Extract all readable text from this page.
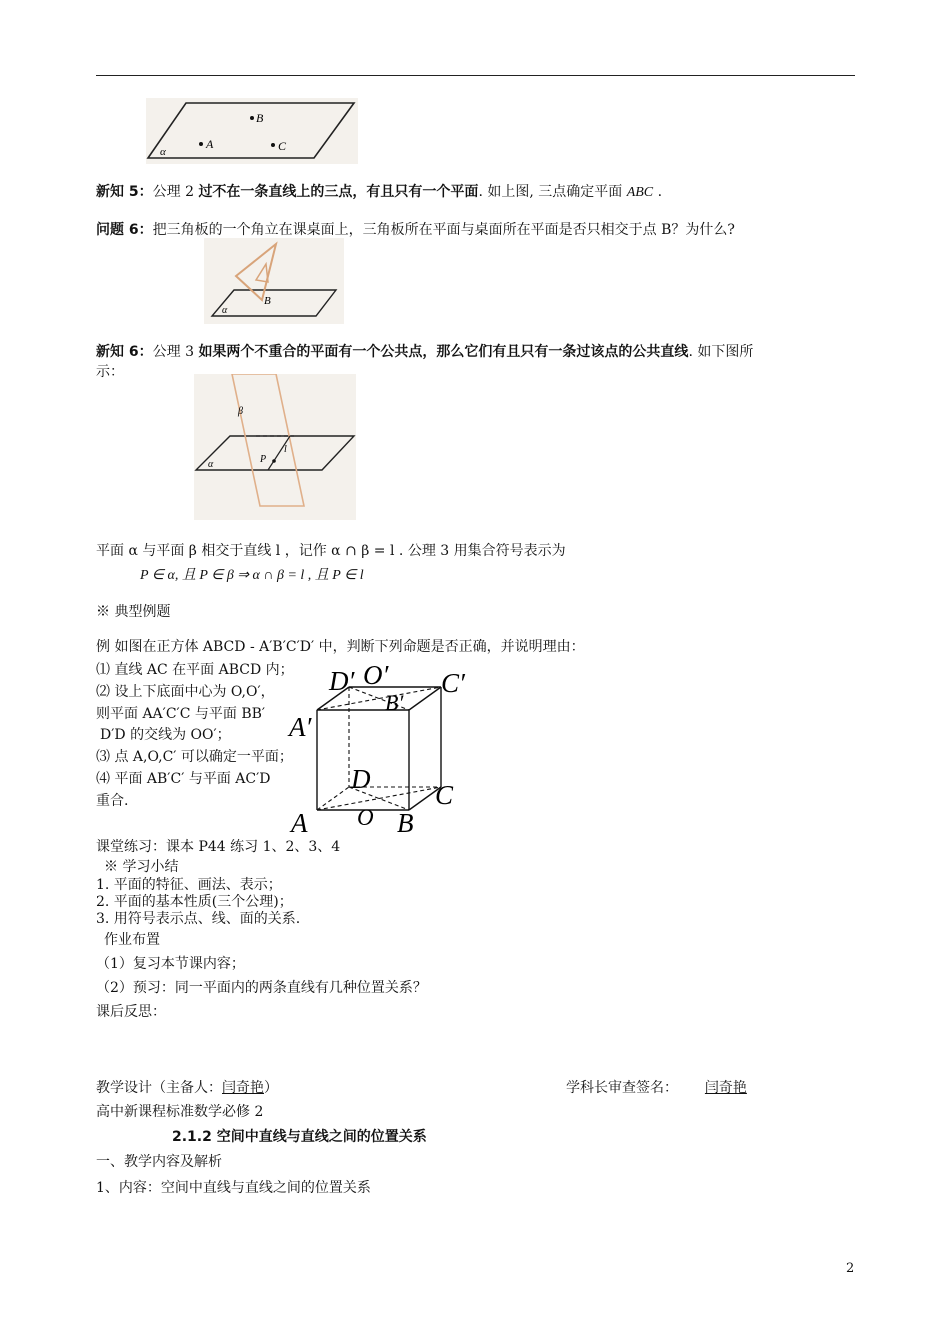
B
A	C
α
新知 5：公理 2 过不在一条直线上的三点，有且只有一个平面. 如上图, 三点确定平面 ABC .
问题 6：把三角板的一个角立在课桌面上，三角板所在平面与桌面所在平面是否只相交于点 B？为什么?
B
α
新知 6：公理 3 如果两个不重合的平面有一个公共点，那么它们有且只有一条过该点的公共直线. 如下图所
示：
β
P
l
α
平面 α 与平面 β 相交于直线 l ，记作 α ∩ β = l . 公理 3 用集合符号表示为
P ∈ α, 且 P ∈ β ⇒ α ∩ β = l , 且 P ∈ l
※ 典型例题
例 如图在正方体 ABCD - A′B′C′D′ 中，判断下列命题是否正确，并说明理由：
⑴ 直线 AC 在平面 ABCD 内；
⑵ 设上下底面中心为 O,O′，
则平面 AA′C′C 与平面 BB′
D′D 的交线为 OO′；
⑶ 点 A,O,C′ 可以确定一平面；
⑷ 平面 AB′C′ 与平面 AC′D
重合.
D′ O′
B′
C′
A′
D
C
A O B
课堂练习：课本 P44 练习 1、2、3、4
※ 学习小结
1. 平面的特征、画法、表示；
2. 平面的基本性质(三个公理)；
3. 用符号表示点、线、面的关系.
作业布置
（1）复习本节课内容；
（2）预习：同一平面内的两条直线有几种位置关系？
课后反思：
教学设计（主备人：闫奇艳）	学科长审查签名： 闫奇艳
高中新课程标准数学必修 2
2.1.2 空间中直线与直线之间的位置关系
一、教学内容及解析
1、内容：空间中直线与直线之间的位置关系
2
